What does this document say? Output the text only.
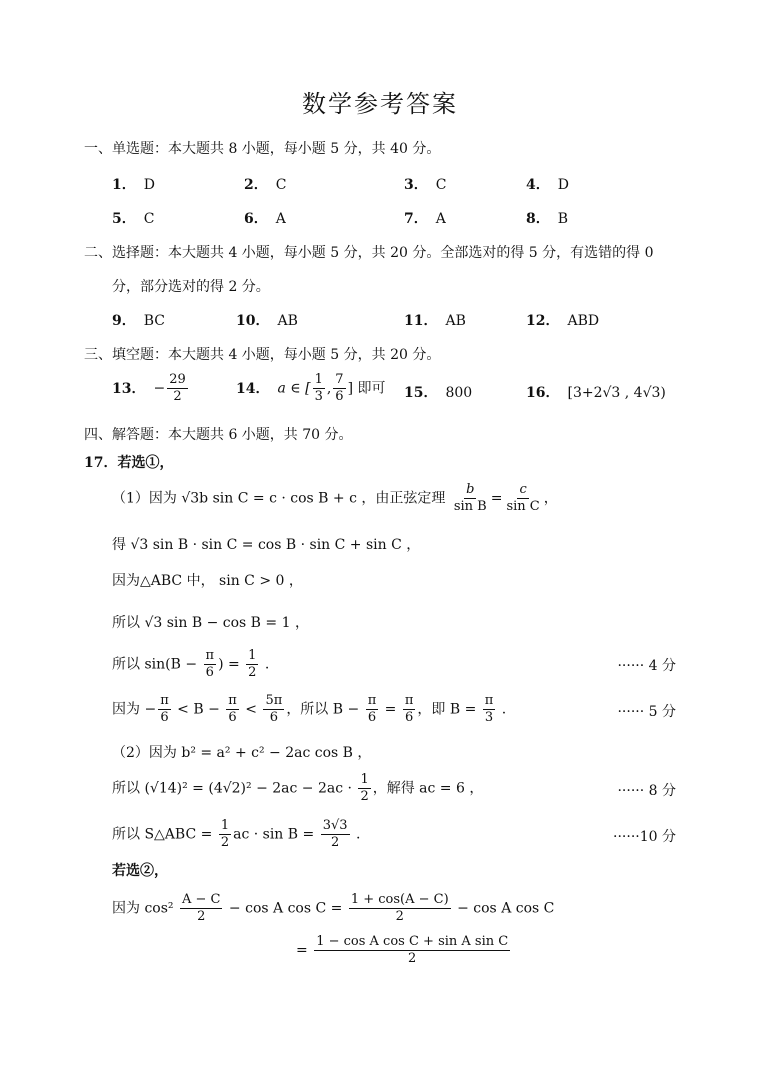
数学参考答案
一、单选题：本大题共 8 小题，每小题 5 分，共 40 分。
1． D	2． C	3． C	4． D
5． C	6． A	7． A	8． B
二、选择题：本大题共 4 小题，每小题 5 分，共 20 分。全部选对的得 5 分，有选错的得 0
分，部分选对的得 2 分。
9． BC	10． AB	11． AB	12． ABD
三、填空题：本大题共 4 小题，每小题 5 分，共 20 分。
13． − $\frac{29}{2}$	14． a ∈ [ $\frac{1}{3}$ , $\frac{7}{6}$ ] 即可 15． 800	16． [3+2√3 , 4√3)
四、解答题：本大题共 6 小题，共 70 分。
17．若选①，
（1）因为 √3b sin C = c · cos B + c ，由正弦定理 $\frac{b}{\text{sin B}} = \frac{c}{\text{sin C}}$ ，
得 √3 sin B · sin C = cos B · sin C + sin C ，
因为△ABC 中， sin C > 0 ，
所以 √3 sin B − cos B = 1 ，
所以 $\sin(B - \frac{\pi}{6}$ ) = $\frac{1}{2}$ .	······ 4 分
因为 − $\frac{\pi}{6} < B - \frac{\pi}{6} < \frac{5\pi}{6}$ ，所以 $B - \frac{\pi}{6} = \frac{\pi}{6}$ ，即 $B = \frac{\pi}{3}$ .	······ 5 分
（2）因为 b² = a² + c² − 2ac cos B ，
所以 $(√14)^2 = (4√2)^2 - 2ac - 2ac \cdot \frac{1}{2}$ ，解得 ac = 6 ，	······ 8 分
所以 S△ABC = $\frac{1}{2}$ ac · $\sin B = \frac{3√3}{2}$ .	······10 分
若选②，
因为 $\cos^2 \frac{A - C}{2} - \cos A$ $\cos C = \frac{1 + \cos(A - C)}{2} - \cos A$ cos C
= $\frac{\text{1 − cos A cos C + sin A sin C}}{2}$
